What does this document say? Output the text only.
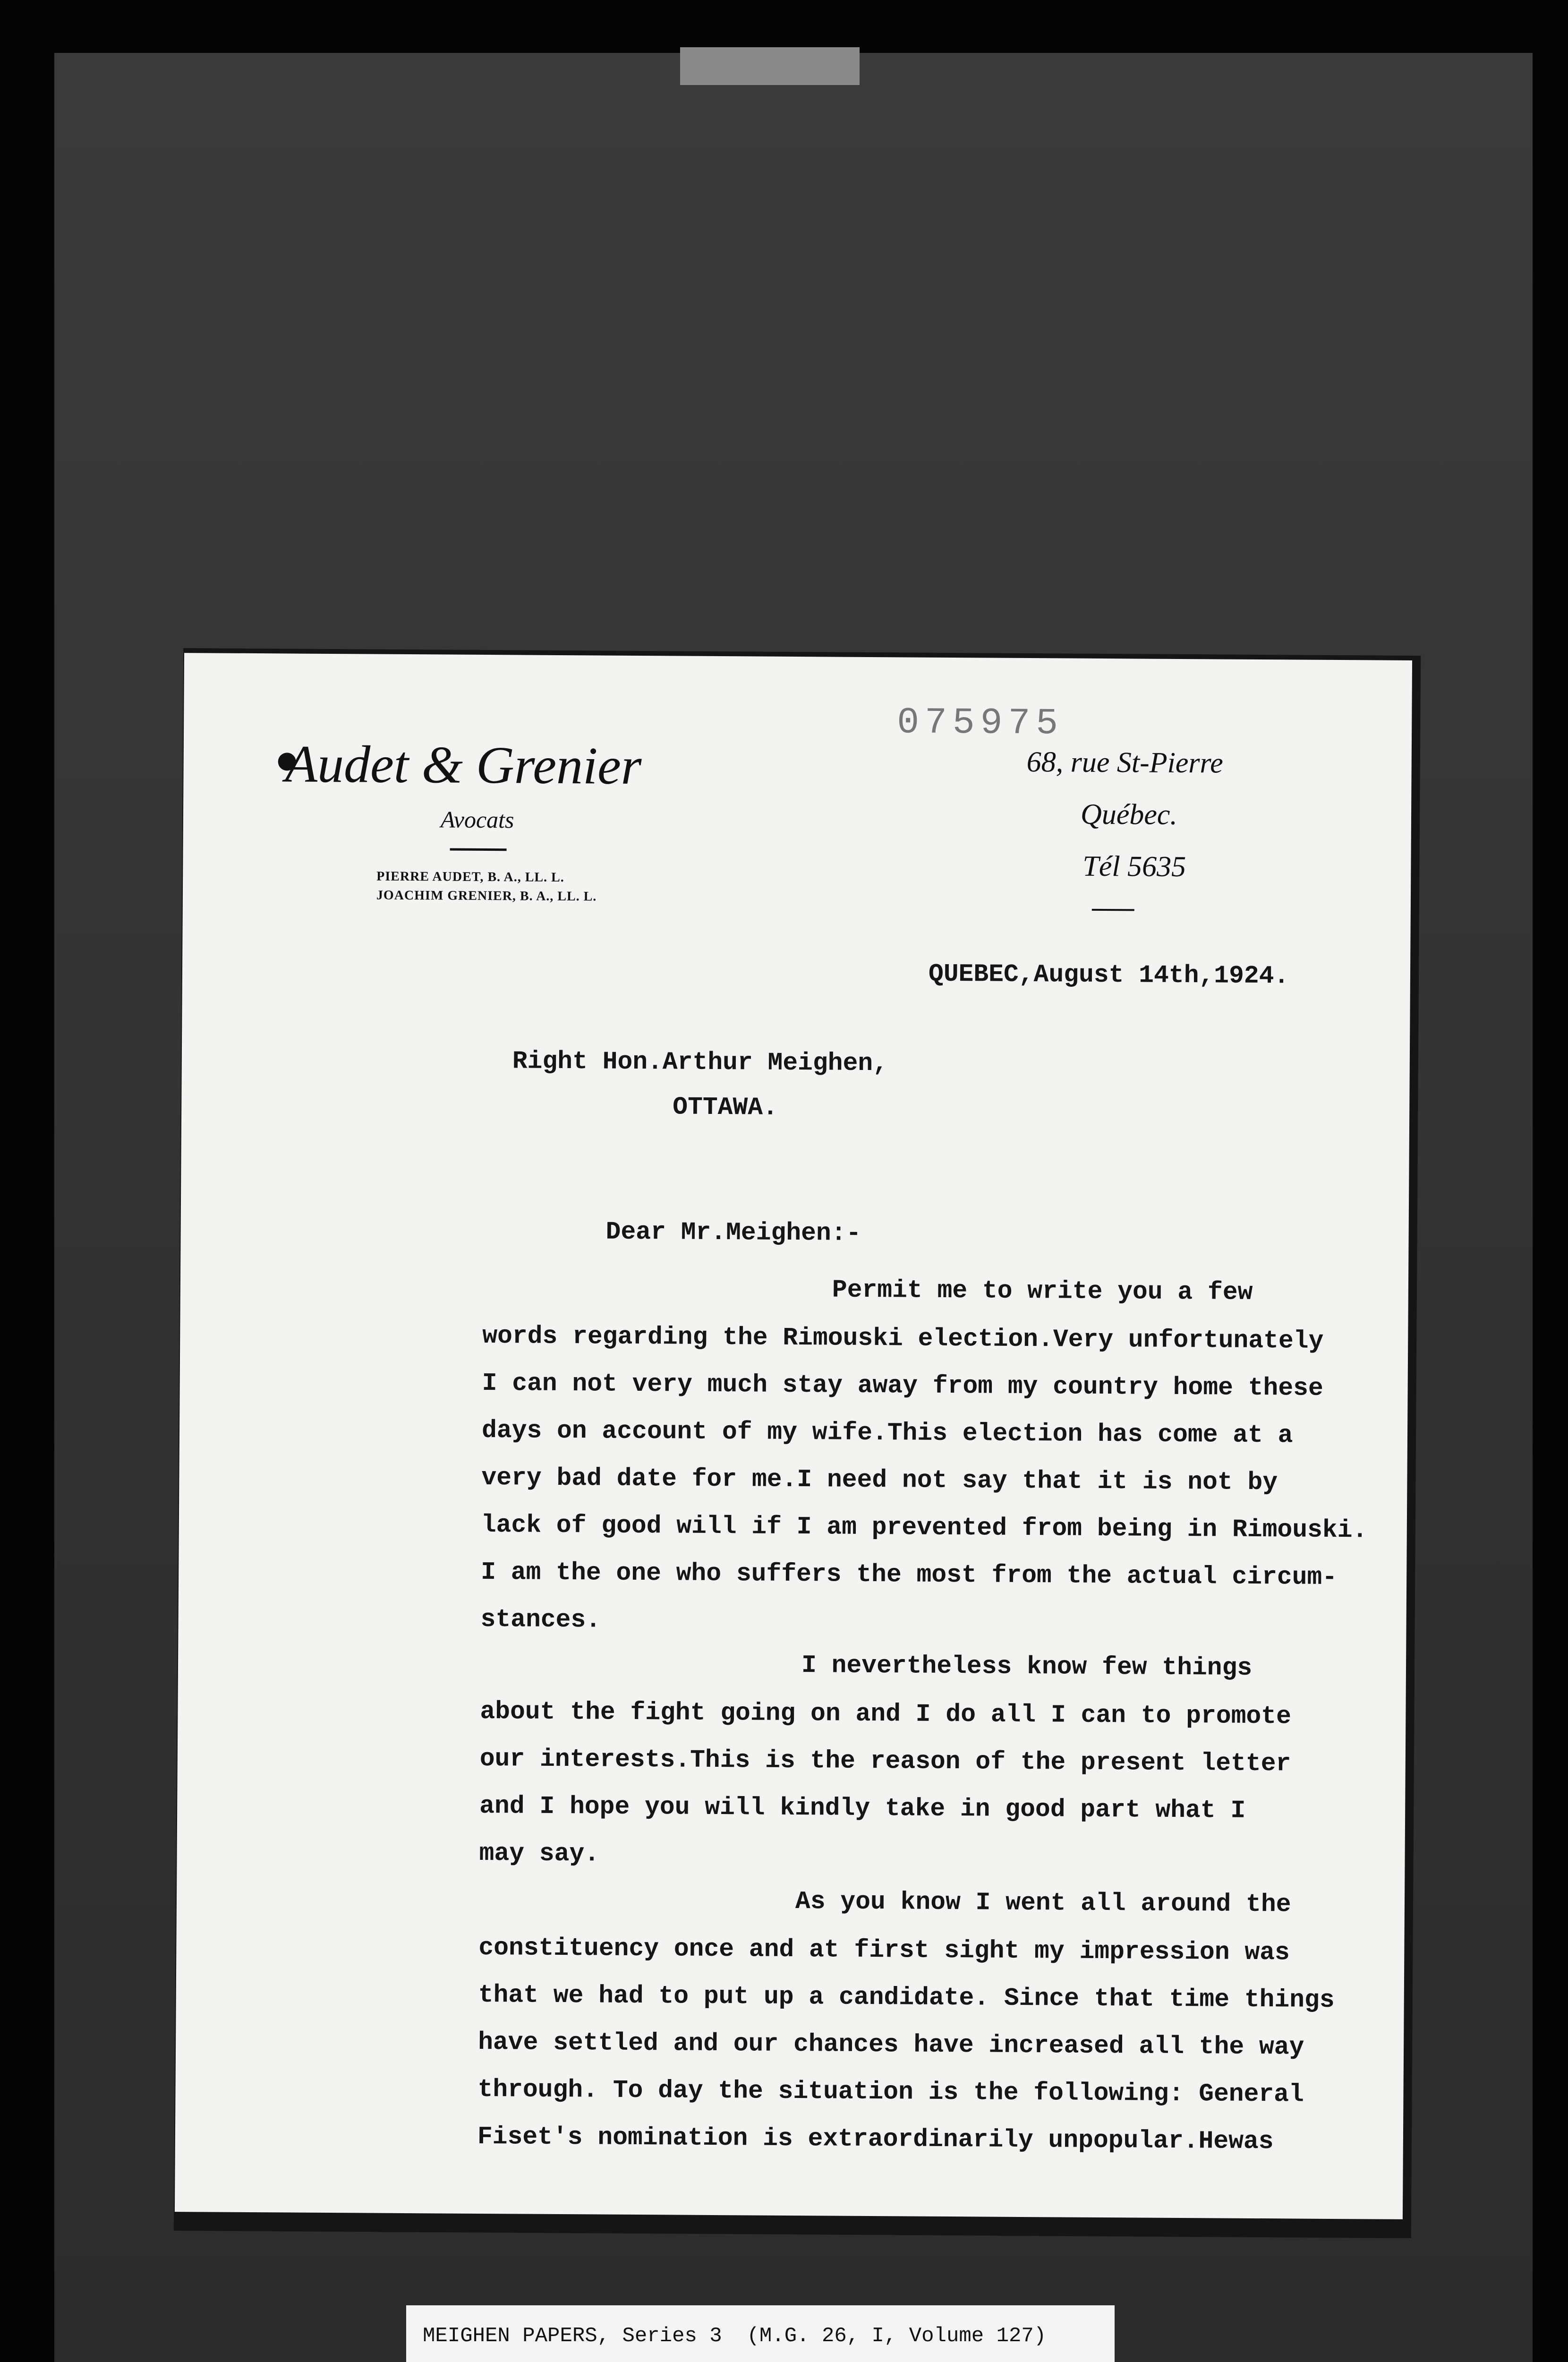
075975
Audet & Grenier
Avocats
PIERRE AUDET, B. A., LL. L.
JOACHIM GRENIER, B. A., LL. L.
68, rue St-Pierre
Québec.
Tél 5635
QUEBEC,August 14th,1924.
Right Hon.Arthur Meighen,
OTTAWA.
Dear Mr.Meighen:-
Permit me to write you a few
words regarding the Rimouski election.Very unfortunately
I can not very much stay away from my country home these
days on account of my wife.This election has come at a
very bad date for me.I need not say that it is not by
lack of good will if I am prevented from being in Rimouski.
I am the one who suffers the most from the actual circum-
stances.
I nevertheless know few things
about the fight going on and I do all I can to promote
our interests.This is the reason of the present letter
and I hope you will kindly take in good part what I
may say.
As you know I went all around the
constituency once and at first sight my impression was
that we had to put up a candidate. Since that time things
have settled and our chances have increased all the way
through. To day the situation is the following: General
Fiset's nomination is extraordinarily unpopular.Hewas
MEIGHEN PAPERS, Series 3  (M.G. 26, I, Volume 127)
